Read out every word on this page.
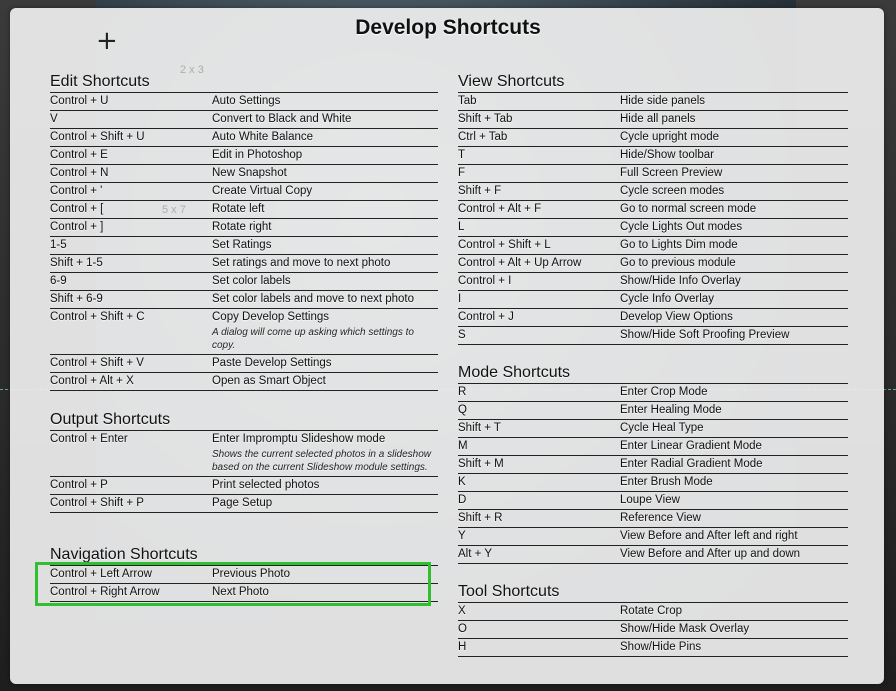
2 x 3
5 x 7
+	Develop Shortcuts
Edit Shortcuts
Control + U	Auto Settings
V	Convert to Black and White
Control + Shift + U	Auto White Balance
Control + E	Edit in Photoshop
Control + N	New Snapshot
Control + '	Create Virtual Copy
Control + [	Rotate left
Control + ]	Rotate right
1-5	Set Ratings
Shift + 1-5	Set ratings and move to next photo
6-9	Set color labels
Shift + 6-9	Set color labels and move to next photo
Control + Shift + C	Copy Develop Settings
A dialog will come up asking which settings to copy.
Control + Shift + V	Paste Develop Settings
Control + Alt + X	Open as Smart Object
Output Shortcuts
Control + Enter	Enter Impromptu Slideshow mode
Shows the current selected photos in a slideshow based on the current Slideshow module settings.
Control + P	Print selected photos
Control + Shift + P	Page Setup
Navigation Shortcuts
Control + Left Arrow	Previous Photo
Control + Right Arrow	Next Photo
View Shortcuts
Tab	Hide side panels
Shift + Tab	Hide all panels
Ctrl + Tab	Cycle upright mode
T	Hide/Show toolbar
F	Full Screen Preview
Shift + F	Cycle screen modes
Control + Alt + F	Go to normal screen mode
L	Cycle Lights Out modes
Control + Shift + L	Go to Lights Dim mode
Control + Alt + Up Arrow	Go to previous module
Control + I	Show/Hide Info Overlay
I	Cycle Info Overlay
Control + J	Develop View Options
S	Show/Hide Soft Proofing Preview
Mode Shortcuts
R	Enter Crop Mode
Q	Enter Healing Mode
Shift + T	Cycle Heal Type
M	Enter Linear Gradient Mode
Shift + M	Enter Radial Gradient Mode
K	Enter Brush Mode
D	Loupe View
Shift + R	Reference View
Y	View Before and After left and right
Alt + Y	View Before and After up and down
Tool Shortcuts
X	Rotate Crop
O	Show/Hide Mask Overlay
H	Show/Hide Pins
